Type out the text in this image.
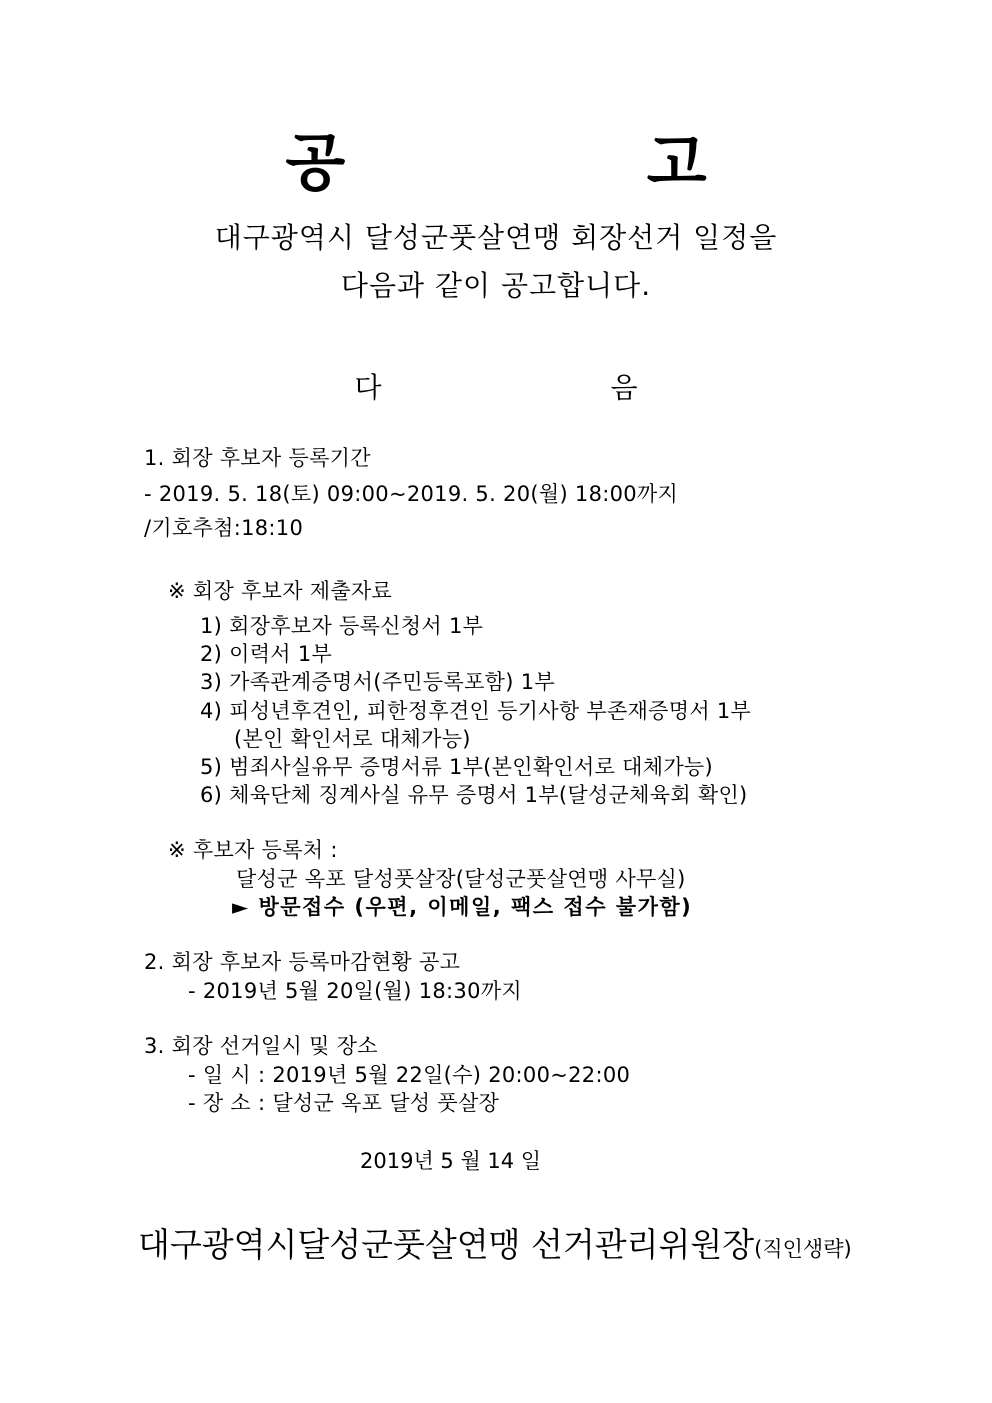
공 고
대구광역시 달성군풋살연맹 회장선거 일정을
다음과 같이 공고합니다.
다 음
1. 회장 후보자 등록기간
- 2019. 5. 18(토) 09:00~2019. 5. 20(월) 18:00까지
/기호추첨:18:10
※ 회장 후보자 제출자료
1) 회장후보자 등록신청서 1부
2) 이력서 1부
3) 가족관계증명서(주민등록포함) 1부
4) 피성년후견인, 피한정후견인 등기사항 부존재증명서 1부
(본인 확인서로 대체가능)
5) 범죄사실유무 증명서류 1부(본인확인서로 대체가능)
6) 체육단체 징계사실 유무 증명서 1부(달성군체육회 확인)
※ 후보자 등록처 :
달성군 옥포 달성풋살장(달성군풋살연맹 사무실)
► 방문접수 (우편, 이메일, 팩스 접수 불가함)
2. 회장 후보자 등록마감현황 공고
- 2019년 5월 20일(월) 18:30까지
3. 회장 선거일시 및 장소
- 일 시 : 2019년 5월 22일(수) 20:00~22:00
- 장 소 : 달성군 옥포 달성 풋살장
2019년 5 월 14 일
대구광역시달성군풋살연맹 선거관리위원장(직인생략)
